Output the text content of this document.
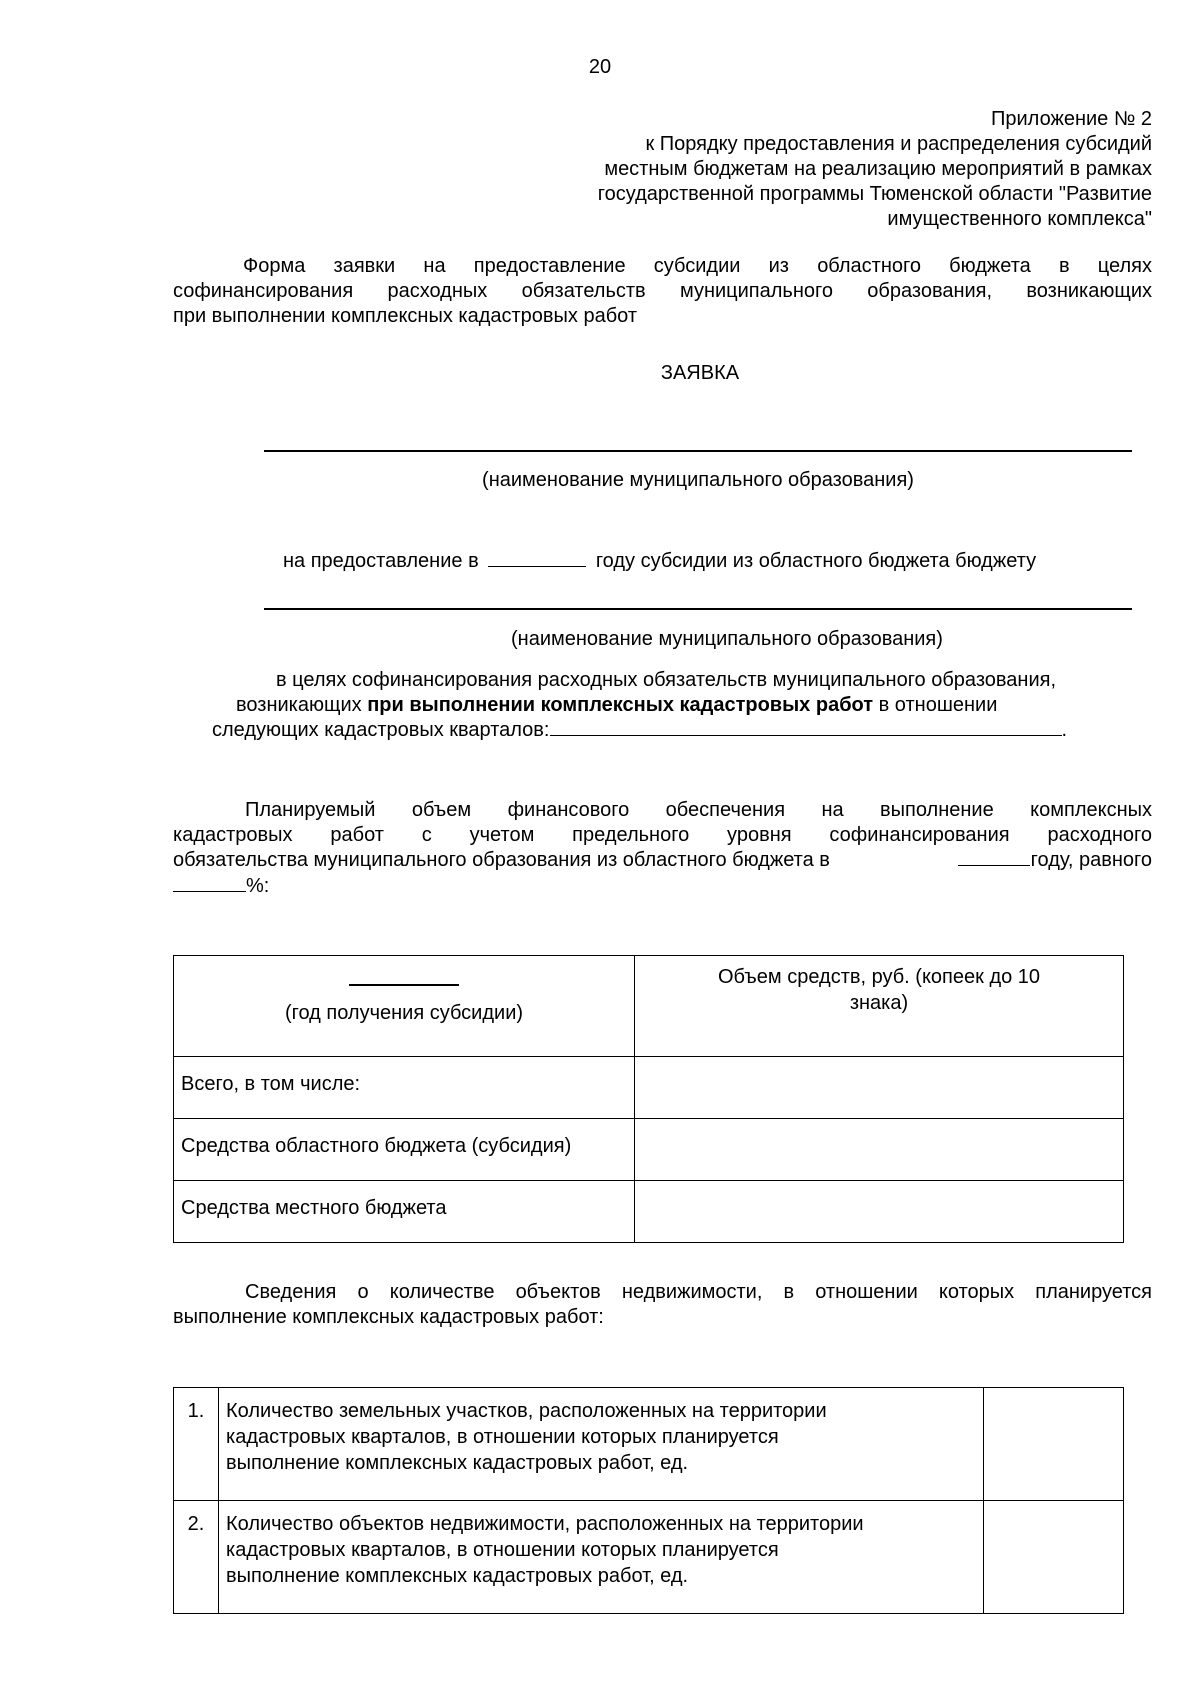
20
Приложение № 2
к Порядку предоставления и распределения субсидий
местным бюджетам на реализацию мероприятий в рамках
государственной программы Тюменской области "Развитие
имущественного комплекса"
Форма заявки на предоставление субсидии из областного бюджета в целях
софинансирования расходных обязательств муниципального образования, возникающих
при выполнении комплексных кадастровых работ
ЗАЯВКА
(наименование муниципального образования)
на предоставление в	году субсидии из областного бюджета бюджету
(наименование муниципального образования)
в целях софинансирования расходных обязательств муниципального образования,
возникающих при выполнении комплексных кадастровых работ в отношении
следующих кадастровых кварталов:	.
Планируемый объем финансового обеспечения на выполнение комплексных
кадастровых работ с учетом предельного уровня софинансирования расходного
обязательства муниципального образования из областного бюджета в	году, равного
%:
(год получения субсидии)	Объем средств, руб. (копеек до 10
знака)

Всего, в том числе:	
Средства областного бюджета (субсидия)	
Средства местного бюджета	
Сведения о количестве объектов недвижимости, в отношении которых планируется
выполнение комплексных кадастровых работ:
1.	Количество земельных участков, расположенных на территории
кадастровых кварталов, в отношении которых планируется
выполнение комплексных кадастровых работ, ед.	

2.	Количество объектов недвижимости, расположенных на территории
кадастровых кварталов, в отношении которых планируется
выполнение комплексных кадастровых работ, ед.	
